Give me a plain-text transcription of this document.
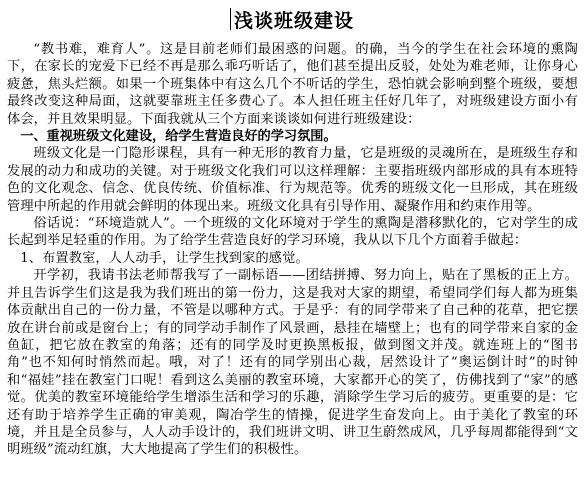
浅谈班级建设

“教书难，难育人”。这是目前老师们最困惑的问题。的确，当今的学生在社会环境的熏陶下，在家长的宠爱下已经不再是那么乖巧听话了，他们甚至提出反驳，处处为难老师，让你身心疲惫，焦头烂额。如果一个班集体中有这么几个不听话的学生，恐怕就会影响到整个班级，要想最终改变这种局面，这就要靠班主任多费心了。本人担任班主任好几年了，对班级建设方面小有体会，并且效果明显。下面我就从三个方面来谈谈如何进行班级建设：

一、重视班级文化建设，给学生营造良好的学习氛围。

班级文化是一门隐形课程，具有一种无形的教育力量，它是班级的灵魂所在，是班级生存和发展的动力和成功的关键。对于班级文化我们可以这样理解：主要指班级内部形成的具有本班特色的文化观念、信念、优良传统、价值标准、行为规范等。优秀的班级文化一旦形成，其在班级管理中所起的作用就会鲜明的体现出来。班级文化具有引导作用、凝聚作用和约束作用等。

俗话说：“环境造就人”。一个班级的文化环境对于学生的熏陶是潜移默化的，它对学生的成长起到举足轻重的作用。为了给学生营造良好的学习环境，我从以下几个方面着手做起：

1、布置教室，人人动手，让学生找到家的感觉。

开学初，我请书法老师帮我写了一副标语——团结拼搏、努力向上，贴在了黑板的正上方。并且告诉学生们这是我为我们班出的第一份力，这是我对大家的期望，希望同学们每人都为班集体贡献出自己的一份力量，不管是以哪种方式。于是乎：有的同学带来了自己种的花草，把它摆放在讲台前或是窗台上；有的同学动手制作了风景画，悬挂在墙壁上；也有的同学带来自家的金鱼缸，把它放在教室的角落；还有的同学及时更换黑板报，做到图文并茂。就连班上的“图书角”也不知何时悄然而起。哦，对了！还有的同学别出心裁，居然设计了“奥运倒计时”的时钟和“福娃”挂在教室门口呢！看到这么美丽的教室环境，大家都开心的笑了，仿佛找到了“家”的感觉。优美的教室环境能给学生增添生活和学习的乐趣，消除学生学习后的疲劳。更重要的是：它还有助于培养学生正确的审美观，陶冶学生的情操，促进学生奋发向上。由于美化了教室的环境，并且是全员参与，人人动手设计的，我们班讲文明、讲卫生蔚然成风，几乎每周都能得到“文明班级”流动红旗，大大地提高了学生们的积极性。
